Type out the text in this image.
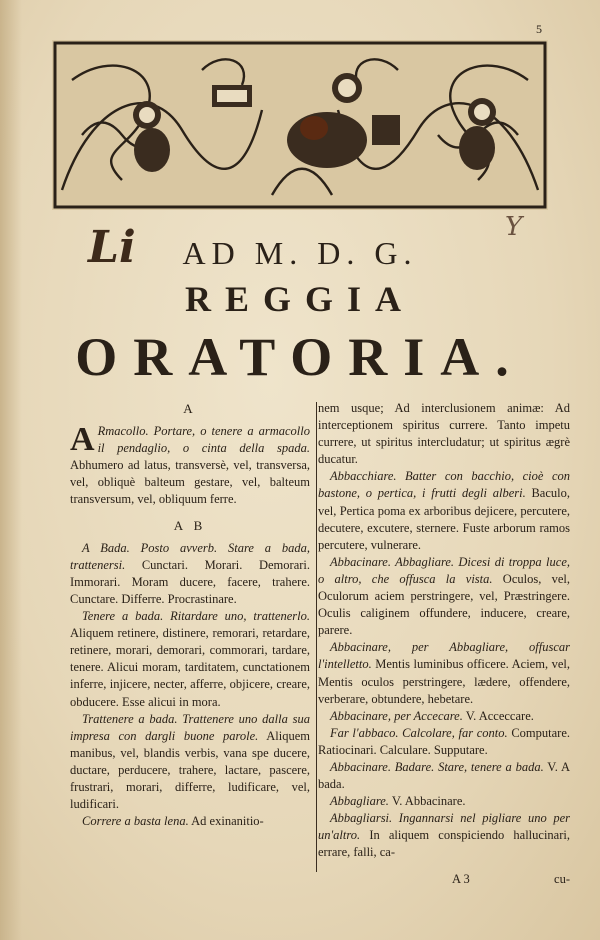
5
Li	Y
AD M. D. G.
REGGIA
ORATORIA.
A

A Rmacollo. Portare, o tenere a armacollo il pendaglio, o cinta della spada. Abhumero ad latus, transversè, vel, transversa, vel, obliquè balteum gestare, vel, balteum transversum, vel, obliquum ferre.

A B

A Bada. Posto avverb. Stare a bada, trattenersi. Cunctari. Morari. Demorari. Immorari. Moram ducere, facere, trahere. Cunctare. Differre. Procrastinare.

Tenere a bada. Ritardare uno, trattenerlo. Aliquem retinere, distinere, remorari, retardare, retinere, morari, demorari, commorari, tardare, tenere. Alicui moram, tarditatem, cunctationem inferre, injicere, necter, afferre, objicere, creare, obducere. Esse alicui in mora.

Trattenere a bada. Trattenere uno dalla sua impresa con dargli buone parole. Aliquem manibus, vel, blandis verbis, vana spe ducere, ductare, perducere, trahere, lactare, pascere, frustrari, morari, differre, ludificare, vel, ludificari.

Correre a basta lena. Ad exinanitio-

nem usque; Ad interclusionem animæ: Ad interceptionem spiritus currere. Tanto impetu currere, ut spiritus intercludatur; ut spiritus ægrè ducatur.

Abbacchiare. Batter con bacchio, cioè con bastone, o pertica, i frutti degli alberi. Baculo, vel, Pertica poma ex arboribus dejicere, percutere, decutere, excutere, sternere. Fuste arborum ramos percutere, vulnerare.

Abbacinare. Abbagliare. Dicesi di troppa luce, o altro, che offusca la vista. Oculos, vel, Oculorum aciem perstringere, vel, Præstringere. Oculis caliginem offundere, inducere, creare, parere.

Abbacinare, per Abbagliare, offuscar l'intelletto. Mentis luminibus officere. Aciem, vel, Mentis oculos perstringere, lædere, offendere, verberare, obtundere, hebetare.

Abbacinare, per Accecare. V. Acceccare.

Far l'abbaco. Calcolare, far conto. Computare. Ratiocinari. Calculare. Supputare.

Abbacinare. Badare. Stare, tenere a bada. V. A bada.

Abbagliare. V. Abbacinare.

Abbagliarsi. Ingannarsi nel pigliare uno per un'altro. In aliquem conspiciendo hallucinari, errare, falli, ca-

A 3	cu-
